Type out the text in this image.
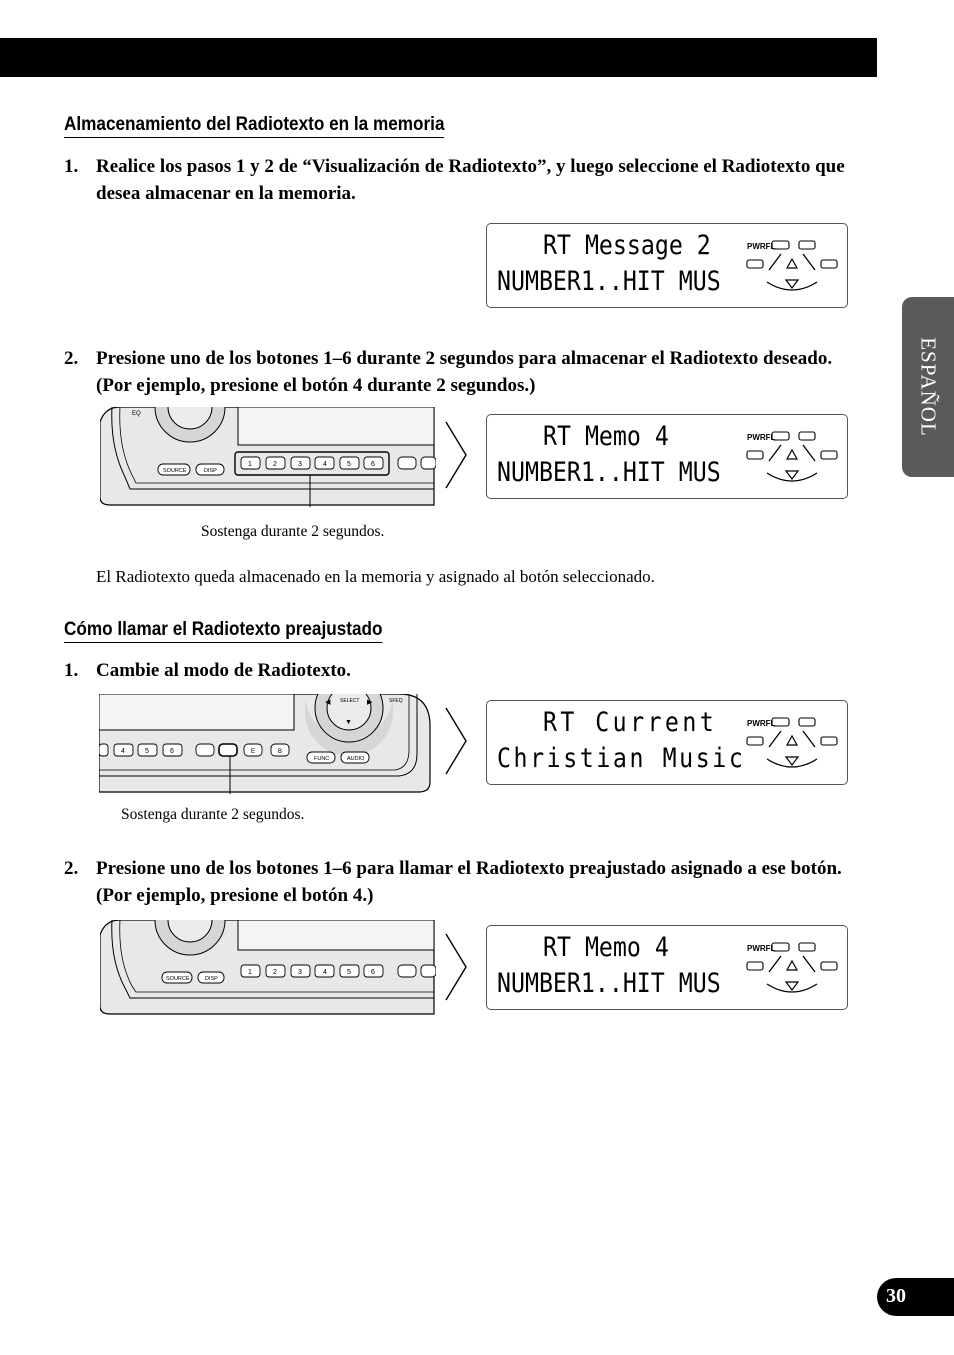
ESPAÑOL
Almacenamiento del Radiotexto en la memoria
1. Realice los pasos 1 y 2 de “Visualización de Radiotexto”, y luego seleccione el Radiotexto que desea almacenar en la memoria.
RT Message 2
NUMBER1..HIT MUS
PWRFL
2. Presione uno de los botones 1–6 durante 2 segundos para almacenar el Radiotexto deseado. (Por ejemplo, presione el botón 4 durante 2 segundos.)
EQ
SOURCE	DISP
1	2	3	4	5	6
RT Memo 4
NUMBER1..HIT MUS
PWRFL
Sostenga durante 2 segundos.
El Radiotexto queda almacenado en la memoria y asignado al botón seleccionado.
Cómo llamar el Radiotexto preajustado
1. Cambie al modo de Radiotexto.
◀	▶
▼
SELECT	SFEQ
4	5	6	E	B
FUNC	AUDIO
RT Current
Christian Music
PWRFL
Sostenga durante 2 segundos.
2. Presione uno de los botones 1–6 para llamar el Radiotexto preajustado asignado a ese botón. (Por ejemplo, presione el botón 4.)
SOURCE	DISP
1	2	3	4	5	6
RT Memo 4
NUMBER1..HIT MUS
PWRFL
30
